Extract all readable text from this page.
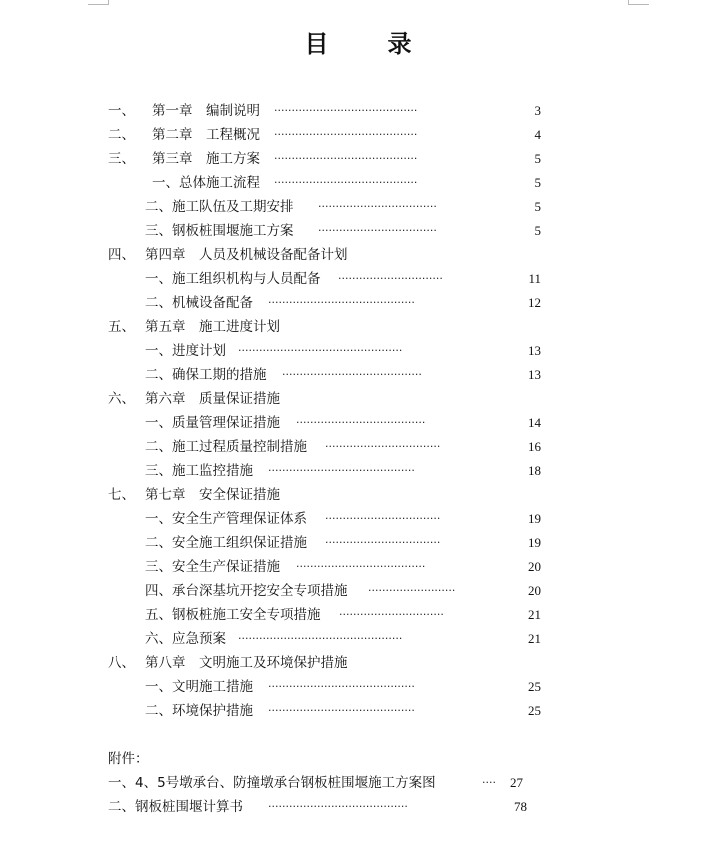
目 录
一、 第一章　编制说明 ·········································	3
二、 第二章　工程概况 ·········································	4
三、 第三章　施工方案 ·········································	5
一、总体施工流程 ·········································	5
二、施工队伍及工期安排 ··································	5
三、钢板桩围堰施工方案 ··································	5
四、 第四章　人员及机械设备配备计划
一、施工组织机构与人员配备 ······························	11
二、机械设备配备 ··········································	12
五、 第五章　施工进度计划
一、进度计划 ···············································	13
二、确保工期的措施 ········································	13
六、 第六章　质量保证措施
一、质量管理保证措施 ·····································	14
二、施工过程质量控制措施 ·································	16
三、施工监控措施 ··········································	18
七、 第七章　安全保证措施
一、安全生产管理保证体系 ·································	19
二、安全施工组织保证措施 ·································	19
三、安全生产保证措施 ·····································	20
四、承台深基坑开挖安全专项措施 ·························	20
五、钢板桩施工安全专项措施 ······························	21
六、应急预案 ···············································	21
八、 第八章　文明施工及环境保护措施
一、文明施工措施 ··········································	25
二、环境保护措施 ··········································	25
附件：
一、4、5号墩承台、防撞墩承台钢板桩围堰施工方案图	····	27
二、钢板桩围堰计算书 ········································	78
